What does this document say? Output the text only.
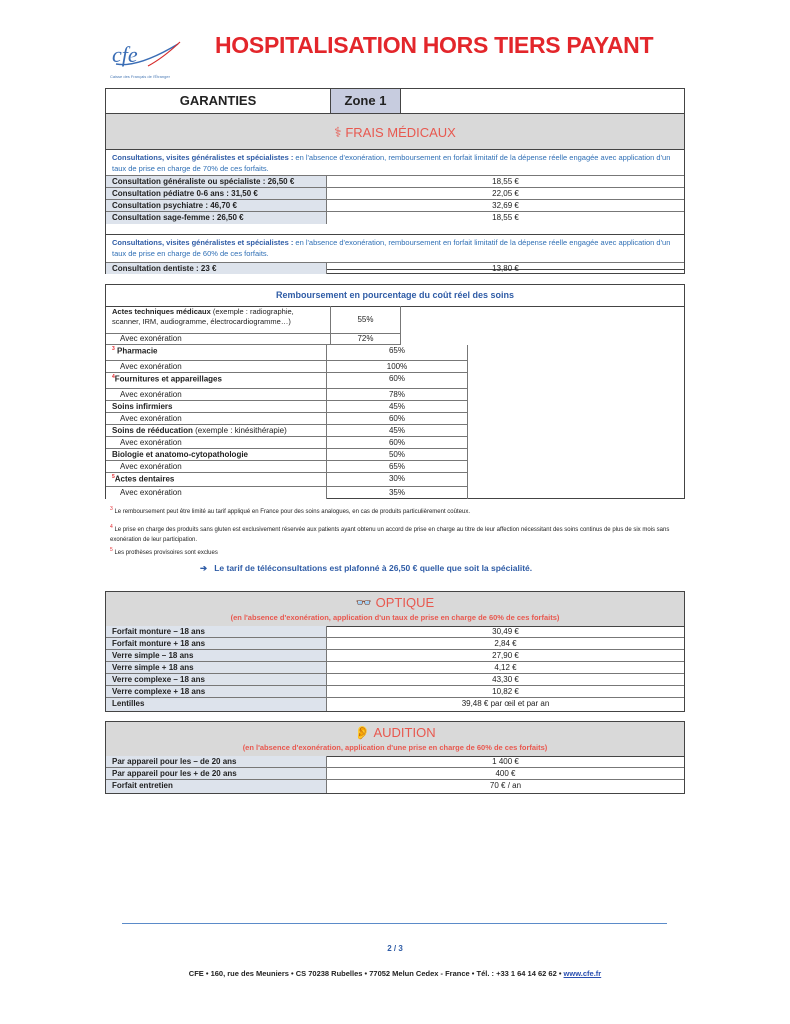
cfe
Caisse des Français de l'Étranger
HOSPITALISATION HORS TIERS PAYANT
GARANTIES	Zone 1
⚕ FRAIS MÉDICAUX
Consultations, visites généralistes et spécialistes : en l'absence d'exonération, remboursement en forfait limitatif de la dépense réelle engagée avec application d'un taux de prise en charge de 70% de ces forfaits.
Consultation généraliste ou spécialiste : 26,50 €	18,55 €
Consultation pédiatre 0-6 ans : 31,50 €	22,05 €
Consultation psychiatre : 46,70 €	32,69 €
Consultation sage-femme : 26,50 €	18,55 €
Consultations, visites généralistes et spécialistes : en l'absence d'exonération, remboursement en forfait limitatif de la dépense réelle engagée avec application d'un taux de prise en charge de 60% de ces forfaits.
Consultation dentiste : 23 €	13,80 €
Remboursement en pourcentage du coût réel des soins
Actes techniques médicaux (exemple : radiographie, scanner, IRM, audiogramme, électrocardiogramme…)	55%
Avec exonération	72%
$^3$ Pharmacie	65%
Avec exonération	100%
$^4$Fournitures et appareillages	60%
Avec exonération	78%
Soins infirmiers	45%
Avec exonération	60%
Soins de rééducation (exemple : kinésithérapie)	45%
Avec exonération	60%
Biologie et anatomo-cytopathologie	50%
Avec exonération	65%
$^5$Actes dentaires	30%
Avec exonération	35%
$^3$ Le remboursement peut être limité au tarif appliqué en France pour des soins analogues, en cas de produits particulièrement coûteux.
$^4$ Le prise en charge des produits sans gluten est exclusivement réservée aux patients ayant obtenu un accord de prise en charge au titre de leur affection nécessitant des soins continus de plus de six mois sans exonération de leur participation.
$^5$ Les prothèses provisoires sont exclues
➔ Le tarif de téléconsultations est plafonné à 26,50 € quelle que soit la spécialité.
👓 OPTIQUE
(en l'absence d'exonération, application d'un taux de prise en charge de 60% de ces forfaits)
Forfait monture – 18 ans	30,49 €
Forfait monture + 18 ans	2,84 €
Verre simple – 18 ans	27,90 €
Verre simple + 18 ans	4,12 €
Verre complexe – 18 ans	43,30 €
Verre complexe + 18 ans	10,82 €
Lentilles	39,48 € par œil et par an
👂 AUDITION
(en l'absence d'exonération, application d'une prise en charge de 60% de ces forfaits)
Par appareil pour les – de 20 ans	1 400 €
Par appareil pour les + de 20 ans	400 €
Forfait entretien	70 € / an
2 / 3
CFE • 160, rue des Meuniers • CS 70238 Rubelles • 77052 Melun Cedex - France • Tél. : +33 1 64 14 62 62 • www.cfe.fr
